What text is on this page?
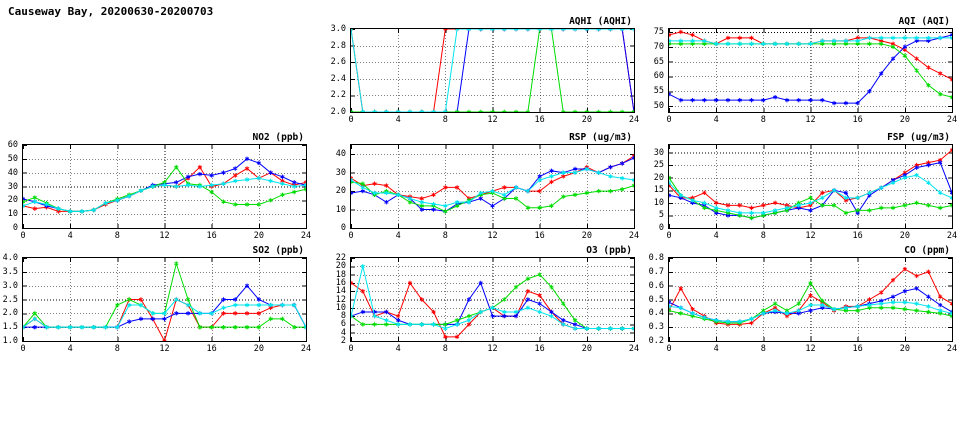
Causeway Bay, 20200630-20200703
AQHI (AQHI)
0	4	8	12	16	20	24
2.0
2.2
2.4
2.6
2.8
3.0
AQI (AQI)
0	4	8	12	16	20	24
50
55
60
65
70
75
NO2 (ppb)
0	4	8	12	16	20	24
0
10
20
30
40
50
60
RSP (ug/m3)
0	4	8	12	16	20	24
0
10
20
30
40
FSP (ug/m3)
0	4	8	12	16	20	24
0
5
10
15
20
25
30
SO2 (ppb)
0	4	8	12	16	20	24
1.0
1.5
2.0
2.5
3.0
3.5
4.0
O3 (ppb)
0	4	8	12	16	20	24
2
4
6
8
10
12
14
16
18
20
22
CO (ppm)
0	4	8	12	16	20	24
0.2
0.3
0.4
0.5
0.6
0.7
0.8
